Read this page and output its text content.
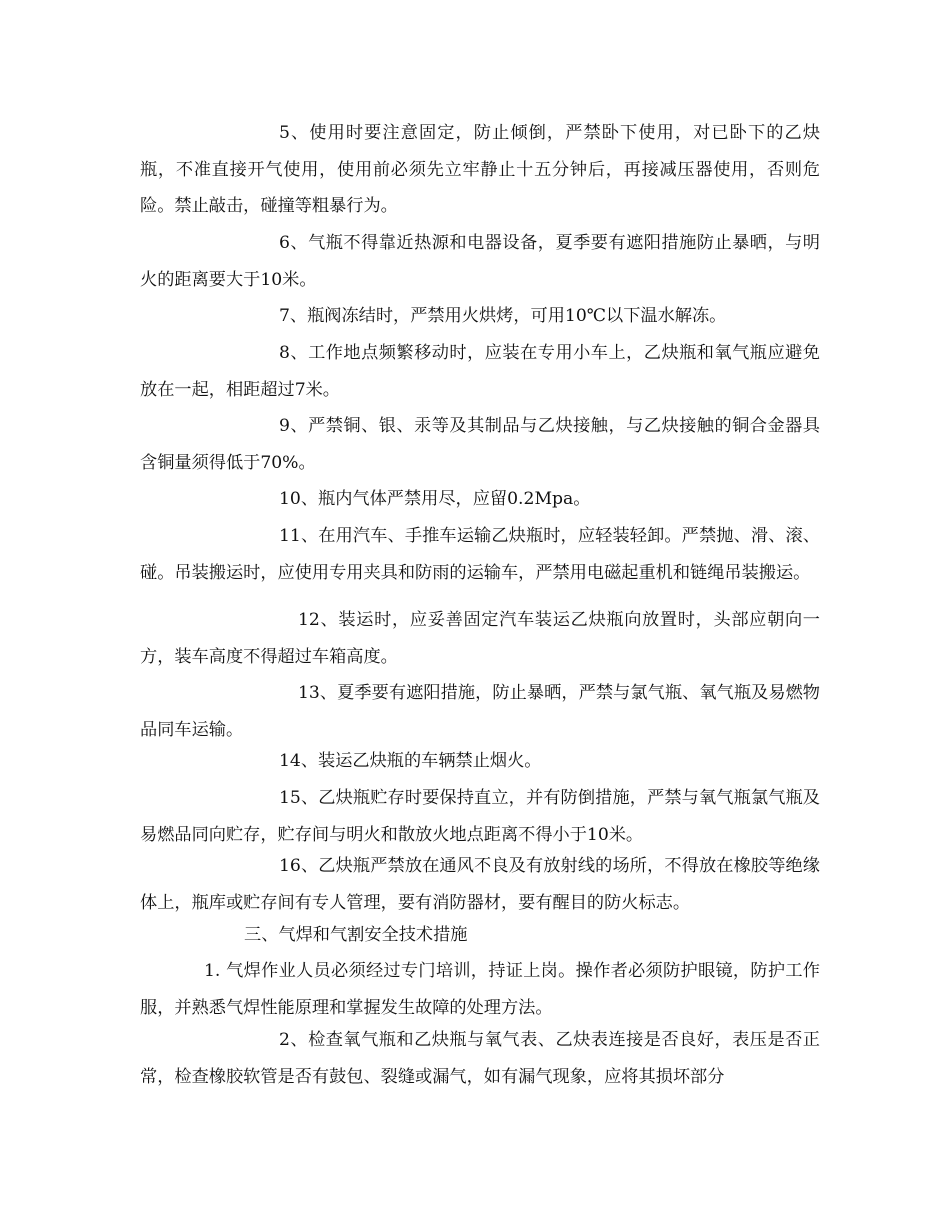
5、使用时要注意固定，防止倾倒，严禁卧下使用，对已卧下的乙炔瓶，不准直接开气使用，使用前必须先立牢静止十五分钟后，再接减压器使用，否则危险。禁止敲击，碰撞等粗暴行为。

6、气瓶不得靠近热源和电器设备，夏季要有遮阳措施防止暴晒，与明火的距离要大于10米。

7、瓶阀冻结时，严禁用火烘烤，可用10℃以下温水解冻。

8、工作地点频繁移动时，应装在专用小车上，乙炔瓶和氧气瓶应避免放在一起，相距超过7米。

9、严禁铜、银、汞等及其制品与乙炔接触，与乙炔接触的铜合金器具含铜量须得低于70%。

10、瓶内气体严禁用尽，应留0.2Mpa。

11、在用汽车、手推车运输乙炔瓶时，应轻装轻卸。严禁抛、滑、滚、碰。吊装搬运时，应使用专用夹具和防雨的运输车，严禁用电磁起重机和链绳吊装搬运。

12、装运时，应妥善固定汽车装运乙炔瓶向放置时，头部应朝向一方，装车高度不得超过车箱高度。

13、夏季要有遮阳措施，防止暴晒，严禁与氯气瓶、氧气瓶及易燃物品同车运输。

14、装运乙炔瓶的车辆禁止烟火。

15、乙炔瓶贮存时要保持直立，并有防倒措施，严禁与氧气瓶氯气瓶及易燃品同向贮存，贮存间与明火和散放火地点距离不得小于10米。

16、乙炔瓶严禁放在通风不良及有放射线的场所，不得放在橡胶等绝缘体上，瓶库或贮存间有专人管理，要有消防器材，要有醒目的防火标志。

三、气焊和气割安全技术措施

1. 气焊作业人员必须经过专门培训，持证上岗。操作者必须防护眼镜，防护工作服，并熟悉气焊性能原理和掌握发生故障的处理方法。

2、检查氧气瓶和乙炔瓶与氧气表、乙炔表连接是否良好，表压是否正常，检查橡胶软管是否有鼓包、裂缝或漏气，如有漏气现象，应将其损坏部分
